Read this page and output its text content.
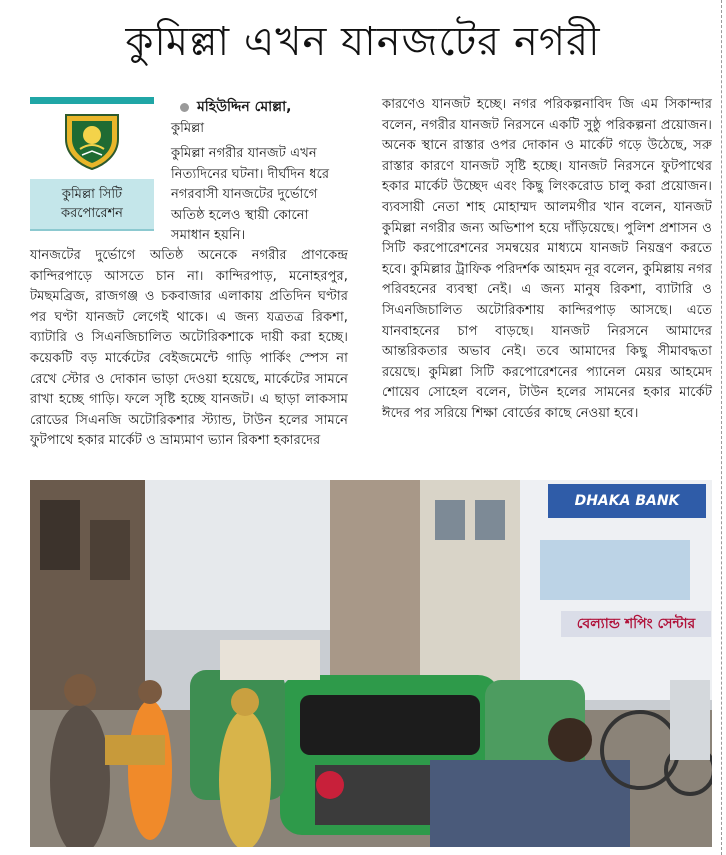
কুমিল্লা এখন যানজটের নগরী
কুমিল্লা সিটি করপোরেশন
মহিউদ্দিন মোল্লা,
কুমিল্লা

কুমিল্লা নগরীর যানজট এখন নিত্যদিনের ঘটনা। দীর্ঘদিন ধরে নগরবাসী যানজটের দুর্ভোগে অতিষ্ঠ হলেও স্থায়ী কোনো সমাধান হয়নি।

যানজটের দুর্ভোগে অতিষ্ঠ অনেকে নগরীর প্রাণকেন্দ্র কান্দিরপাড়ে আসতে চান না। কান্দিরপাড়, মনোহরপুর, টমছমব্রিজ, রাজগঞ্জ ও চকবাজার এলাকায় প্রতিদিন ঘণ্টার পর ঘণ্টা যানজট লেগেই থাকে। এ জন্য যত্রতত্র রিকশা, ব্যাটারি ও সিএনজিচালিত অটোরিকশাকে দায়ী করা হচ্ছে। কয়েকটি বড় মার্কেটের বেইজমেন্টে গাড়ি পার্কিং স্পেস না রেখে স্টোর ও দোকান ভাড়া দেওয়া হয়েছে, মার্কেটের সামনে রাখা হচ্ছে গাড়ি। ফলে সৃষ্টি হচ্ছে যানজট। এ ছাড়া লাকসাম রোডের সিএনজি অটোরিকশার স্ট্যান্ড, টাউন হলের সামনে ফুটপাথে হকার মার্কেট ও ভ্রাম্যমাণ ভ্যান রিকশা হকারদের

কারণেও যানজট হচ্ছে। নগর পরিকল্পনাবিদ জি এম সিকান্দার বলেন, নগরীর যানজট নিরসনে একটি সুষ্ঠু পরিকল্পনা প্রয়োজন। অনেক স্থানে রাস্তার ওপর দোকান ও মার্কেট গড়ে উঠেছে, সরু রাস্তার কারণে যানজট সৃষ্টি হচ্ছে। যানজট নিরসনে ফুটপাথের হকার মার্কেট উচ্ছেদ এবং কিছু লিংকরোড চালু করা প্রয়োজন। ব্যবসায়ী নেতা শাহ মোহাম্মদ আলমগীর খান বলেন, যানজট কুমিল্লা নগরীর জন্য অভিশাপ হয়ে দাঁড়িয়েছে। পুলিশ প্রশাসন ও সিটি করপোরেশনের সমন্বয়ের মাধ্যমে যানজট নিয়ন্ত্রণ করতে হবে। কুমিল্লার ট্রাফিক পরিদর্শক আহমদ নূর বলেন, কুমিল্লায় নগর পরিবহনের ব্যবস্থা নেই। এ জন্য মানুষ রিকশা, ব্যাটারি ও সিএনজিচালিত অটোরিকশায় কান্দিরপাড় আসছে। এতে যানবাহনের চাপ বাড়ছে। যানজট নিরসনে আমাদের আন্তরিকতার অভাব নেই। তবে আমাদের কিছু সীমাবদ্ধতা রয়েছে। কুমিল্লা সিটি করপোরেশনের প্যানেল মেয়র আহমেদ শোয়েব সোহেল বলেন, টাউন হলের সামনের হকার মার্কেট ঈদের পর সরিয়ে শিক্ষা বোর্ডের কাছে নেওয়া হবে।

DHAKA BANK
বেল্যান্ড শপিং সেন্টার
